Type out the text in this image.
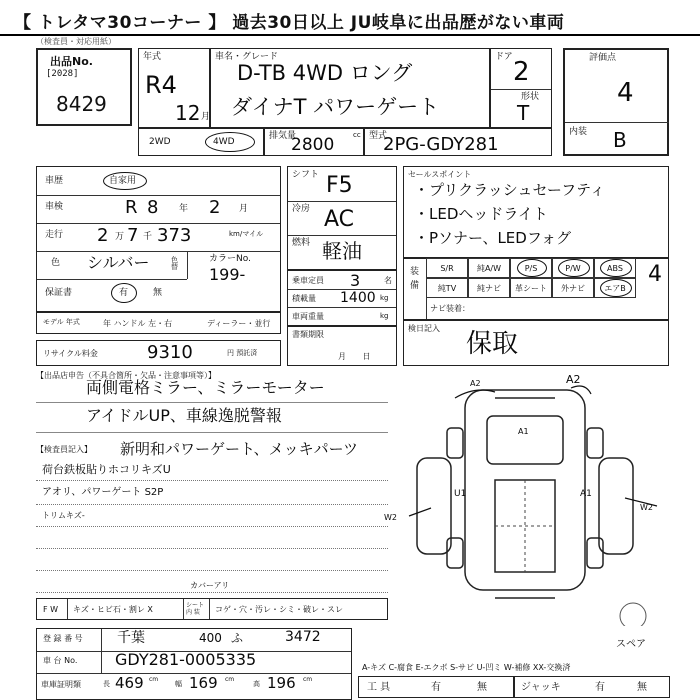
【 トレタマ30コーナー 】 過去30日以上 JU岐阜に出品歴がない車両
（検査員・対応用紙）
出品No.
[2028]
8429
年式
R4
12 月
車名・グレード
D-TB 4WD ロング
ダイナT パワーゲート
ドア 2
形状
T
評価点
4
内装 B
2WD	4WD
排気量
2800	cc 型式
2PG-GDY281
車歴	自家用
車検	R 8 年 2 月
走行 2 万 7 千 373	km/マイル
色 シルバー	色替
カラーNo.
199-
保証書	有	無
モデル 年式	年 ハンドル 左・右	ディーラー・並行
シフト F5
冷房 AC
燃料 軽油
乗車定員 3	名
積載量 1400 kg
車両重量	kg
書類期限
月 日
リサイクル料金	9310	円 預託済
セールスポイント
・プリクラッシュセーフティ
・LEDヘッドライト
・Pソナー、LEDフォグ
装備
S/R	純A/W	P/S	P/W	ABS
純TV	純ナビ	革シート	外ナビ	エアB
ナビ装着：
4
検日記入
保取
【出品店申告（不具合箇所・欠品・注意事項等）】
両側電格ミラー、ミラーモーター
アイドルUP、車線逸脱警報
【検査員記入】 新明和パワーゲート、メッキパーツ
荷台鉄板貼りホコリキズU
アオリ、パワーゲート S2P
トリムキズ-
カバーアリ
F W キズ・ヒビ石・割レ X	シート内 装	コゲ・穴・汚レ・シミ・破レ・スレ
A2	A2
A1
U1	A1
W2
W2
スペア
登 録 番 号 千葉	400 ふ	3472
車 台 No. GDY281-0005335
車庫証明類	長 469 cm
幅 169 cm
高 196 cm
A-キズ C-腐食 E-エクボ S-サビ U-凹ミ W-補修 XX-交換済
工 具	有	無	ジャッキ	有	無
